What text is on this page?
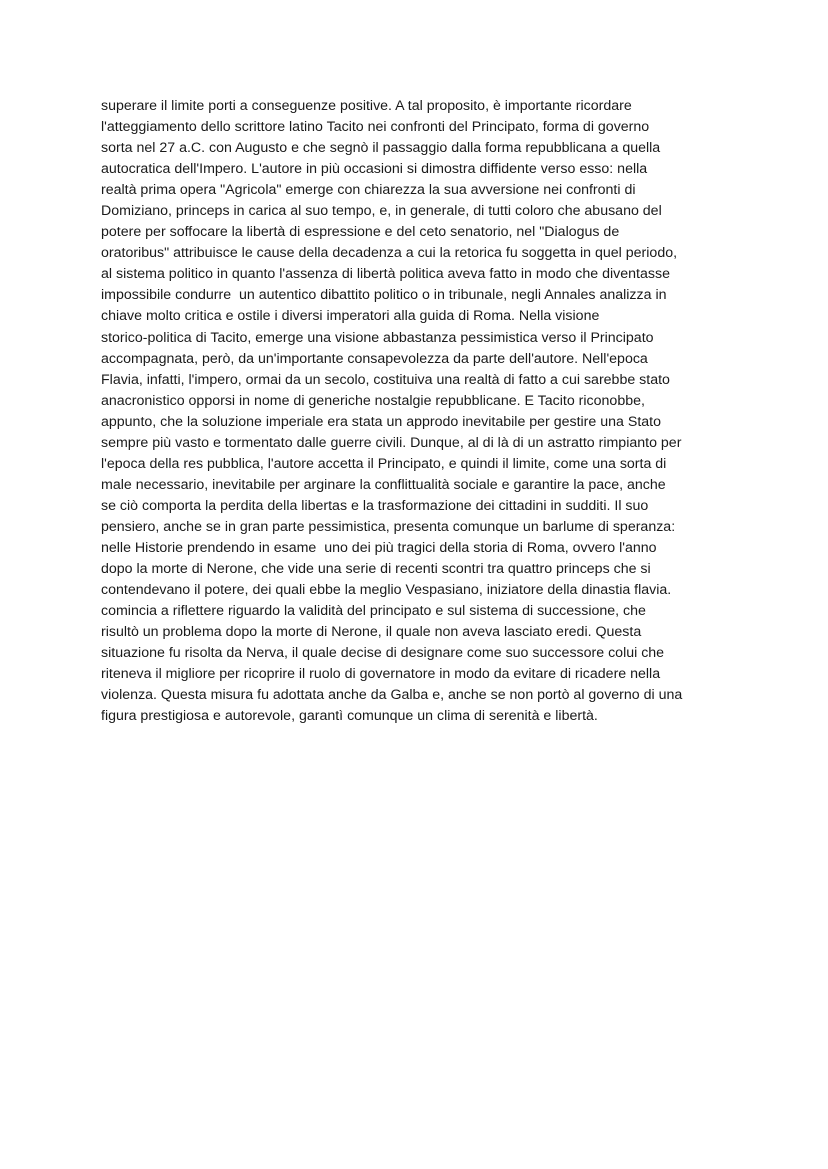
superare il limite porti a conseguenze positive. A tal proposito, è importante ricordare
l'atteggiamento dello scrittore latino Tacito nei confronti del Principato, forma di governo
sorta nel 27 a.C. con Augusto e che segnò il passaggio dalla forma repubblicana a quella
autocratica dell'Impero. L'autore in più occasioni si dimostra diffidente verso esso: nella
realtà prima opera "Agricola" emerge con chiarezza la sua avversione nei confronti di
Domiziano, princeps in carica al suo tempo, e, in generale, di tutti coloro che abusano del
potere per soffocare la libertà di espressione e del ceto senatorio, nel "Dialogus de
oratoribus" attribuisce le cause della decadenza a cui la retorica fu soggetta in quel periodo,
al sistema politico in quanto l'assenza di libertà politica aveva fatto in modo che diventasse
impossibile condurre  un autentico dibattito politico o in tribunale, negli Annales analizza in
chiave molto critica e ostile i diversi imperatori alla guida di Roma. Nella visione
storico-politica di Tacito, emerge una visione abbastanza pessimistica verso il Principato
accompagnata, però, da un'importante consapevolezza da parte dell'autore. Nell'epoca
Flavia, infatti, l'impero, ormai da un secolo, costituiva una realtà di fatto a cui sarebbe stato
anacronistico opporsi in nome di generiche nostalgie repubblicane. E Tacito riconobbe,
appunto, che la soluzione imperiale era stata un approdo inevitabile per gestire una Stato
sempre più vasto e tormentato dalle guerre civili. Dunque, al di là di un astratto rimpianto per
l'epoca della res pubblica, l'autore accetta il Principato, e quindi il limite, come una sorta di
male necessario, inevitabile per arginare la conflittualità sociale e garantire la pace, anche
se ciò comporta la perdita della libertas e la trasformazione dei cittadini in sudditi. Il suo
pensiero, anche se in gran parte pessimistica, presenta comunque un barlume di speranza:
nelle Historie prendendo in esame  uno dei più tragici della storia di Roma, ovvero l'anno
dopo la morte di Nerone, che vide una serie di recenti scontri tra quattro princeps che si
contendevano il potere, dei quali ebbe la meglio Vespasiano, iniziatore della dinastia flavia.
comincia a riflettere riguardo la validità del principato e sul sistema di successione, che
risultò un problema dopo la morte di Nerone, il quale non aveva lasciato eredi. Questa
situazione fu risolta da Nerva, il quale decise di designare come suo successore colui che
riteneva il migliore per ricoprire il ruolo di governatore in modo da evitare di ricadere nella
violenza. Questa misura fu adottata anche da Galba e, anche se non portò al governo di una
figura prestigiosa e autorevole, garantì comunque un clima di serenità e libertà.
